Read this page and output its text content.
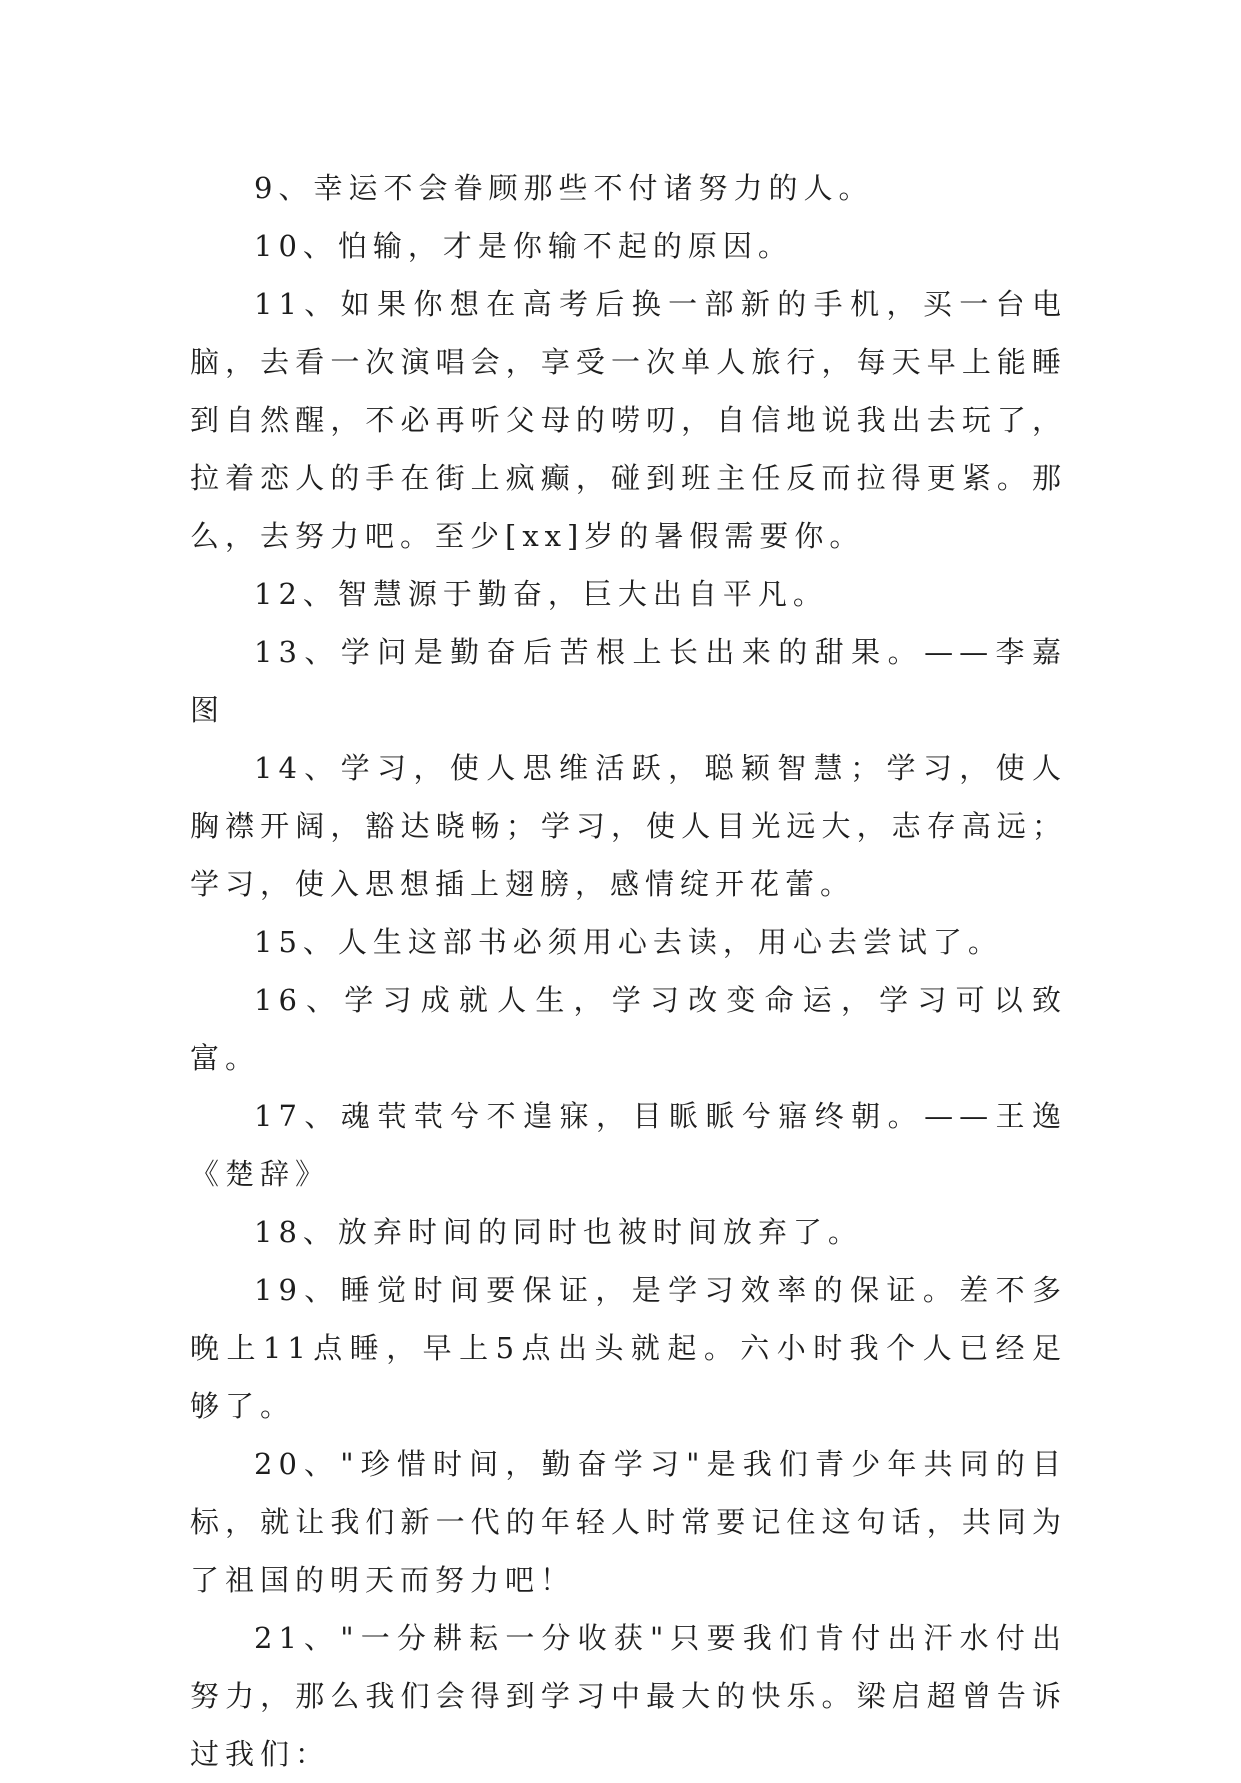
9、幸运不会眷顾那些不付诸努力的人。

10、怕输，才是你输不起的原因。

11、如果你想在高考后换一部新的手机，买一台电脑，去看一次演唱会，享受一次单人旅行，每天早上能睡到自然醒，不必再听父母的唠叨，自信地说我出去玩了，拉着恋人的手在街上疯癫，碰到班主任反而拉得更紧。那么，去努力吧。至少[xx]岁的暑假需要你。

12、智慧源于勤奋，巨大出自平凡。

13、学问是勤奋后苦根上长出来的甜果。——李嘉图

14、学习，使人思维活跃，聪颖智慧；学习，使人胸襟开阔，豁达晓畅；学习，使人目光远大，志存高远；学习，使入思想插上翅膀，感情绽开花蕾。

15、人生这部书必须用心去读，用心去尝试了。

16、学习成就人生，学习改变命运，学习可以致富。

17、魂茕茕兮不遑寐，目眽眽兮寤终朝。——王逸《楚辞》

18、放弃时间的同时也被时间放弃了。

19、睡觉时间要保证，是学习效率的保证。差不多晚上11点睡，早上5点出头就起。六小时我个人已经足够了。

20、"珍惜时间，勤奋学习"是我们青少年共同的目标，就让我们新一代的年轻人时常要记住这句话，共同为了祖国的明天而努力吧！

21、"一分耕耘一分收获"只要我们肯付出汗水付出努力，那么我们会得到学习中最大的快乐。梁启超曾告诉过我们：
